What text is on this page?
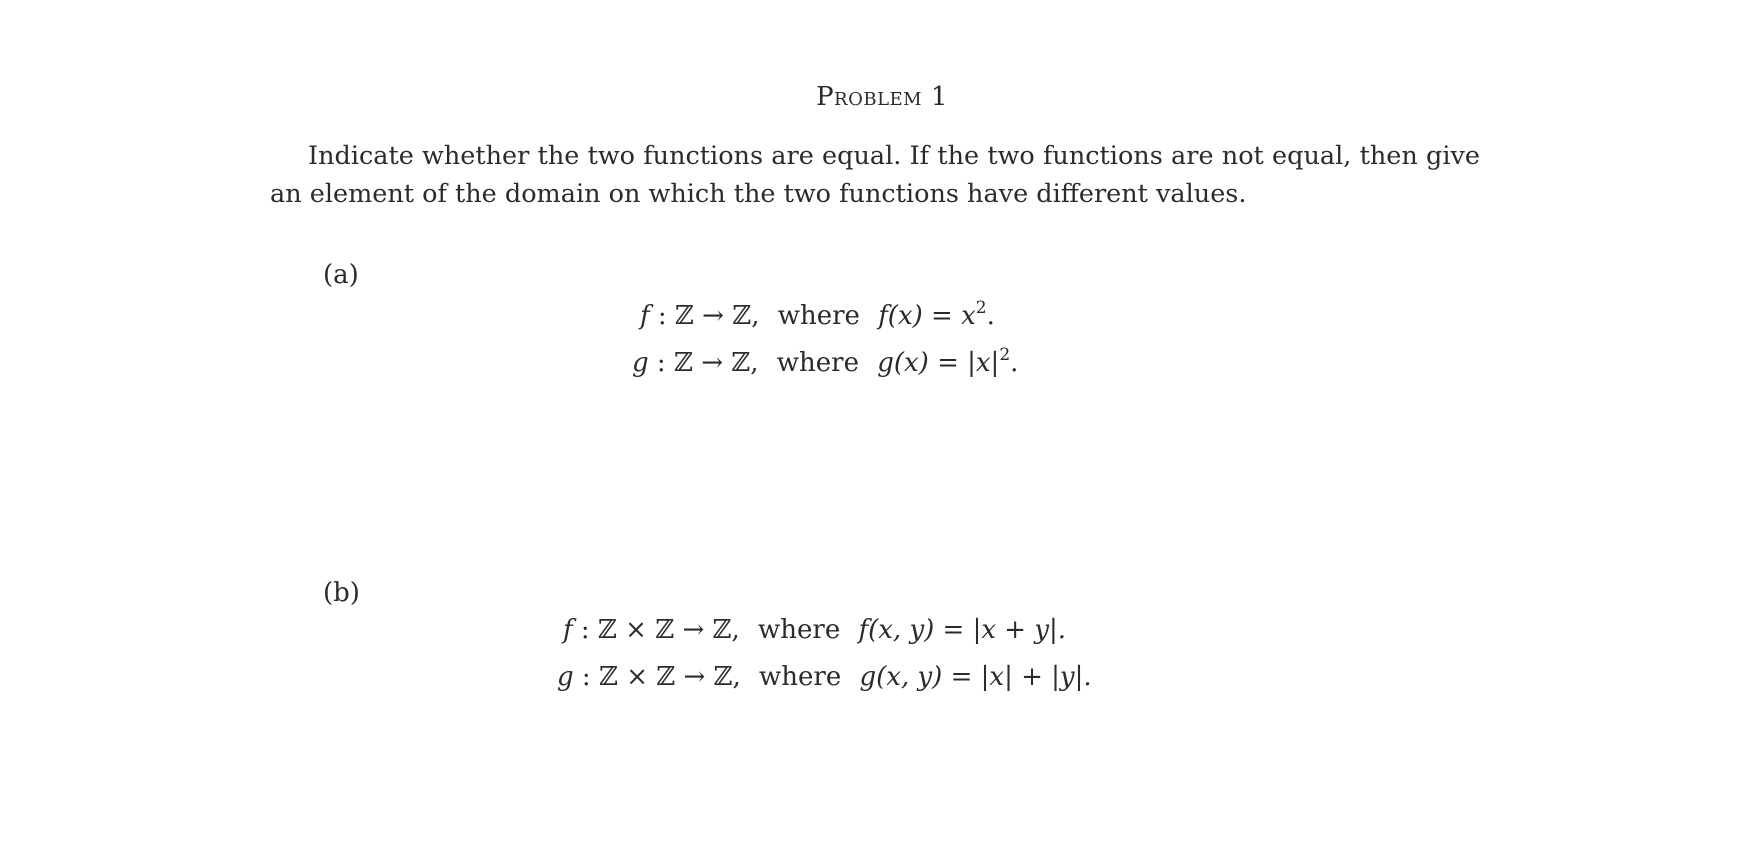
Problem 1
Indicate whether the two functions are equal. If the two functions are not equal, then give an element of the domain on which the two functions have different values.
(a)
f : ℤ → ℤ, where $f(x) = x^2$.
g : ℤ → ℤ, where $g(x) = |x|^2$.
(b)
f : ℤ × ℤ → ℤ, where f(x, y) = |x + y|.
g : ℤ × ℤ → ℤ, where g(x, y) = |x| + |y|.
